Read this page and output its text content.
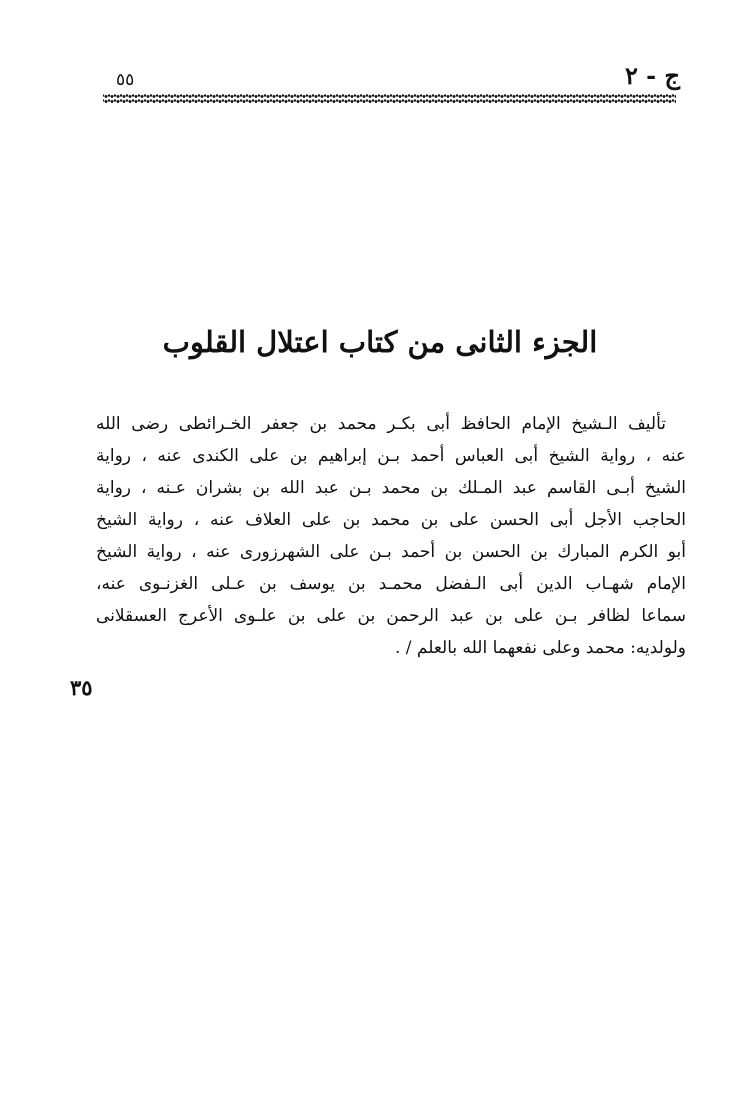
ج - ٢
٥٥
الجزء الثانى من كتاب اعتلال القلوب
تأليف الـشيخ الإمام الحافظ أبى بكـر محمد بن جعفر الخـرائطى رضى الله
عنه ، رواية الشيخ أبى العباس أحمد بـن إبراهيم بن على الكندى عنه ، رواية
الشيخ أبـى القاسم عبد المـلك بن محمد بـن عبد الله بن بشران عـنه ، رواية
الحاجب الأجل أبى الحسن على بن محمد بن على العلاف عنه ، رواية الشيخ
أبو الكرم المبارك بن الحسن بن أحمد بـن على الشهرزورى عنه ، رواية الشيخ
الإمام شهـاب الدين أبى الـفضل محمـد بن يوسف بن عـلى الغزنـوى عنه،
سماعا لظافر بـن على بن عبد الرحمن بن على بن علـوى الأعرج العسقلانى
ولولديه: محمد وعلى نفعهما الله بالعلم / .
٣٥
